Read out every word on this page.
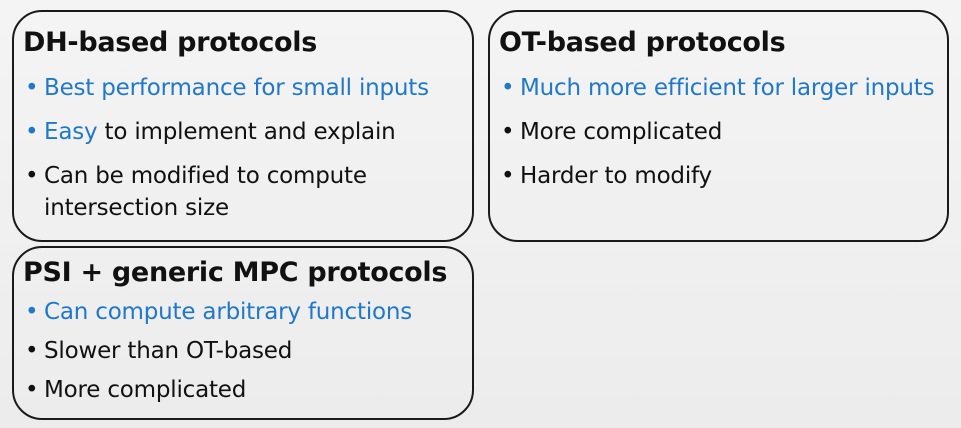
DH-based protocols
• Best performance for small inputs
• Easy to implement and explain
• Can be modified to compute intersection size
OT-based protocols
• Much more efficient for larger inputs
• More complicated
• Harder to modify
PSI + generic MPC protocols
• Can compute arbitrary functions
• Slower than OT-based
• More complicated
